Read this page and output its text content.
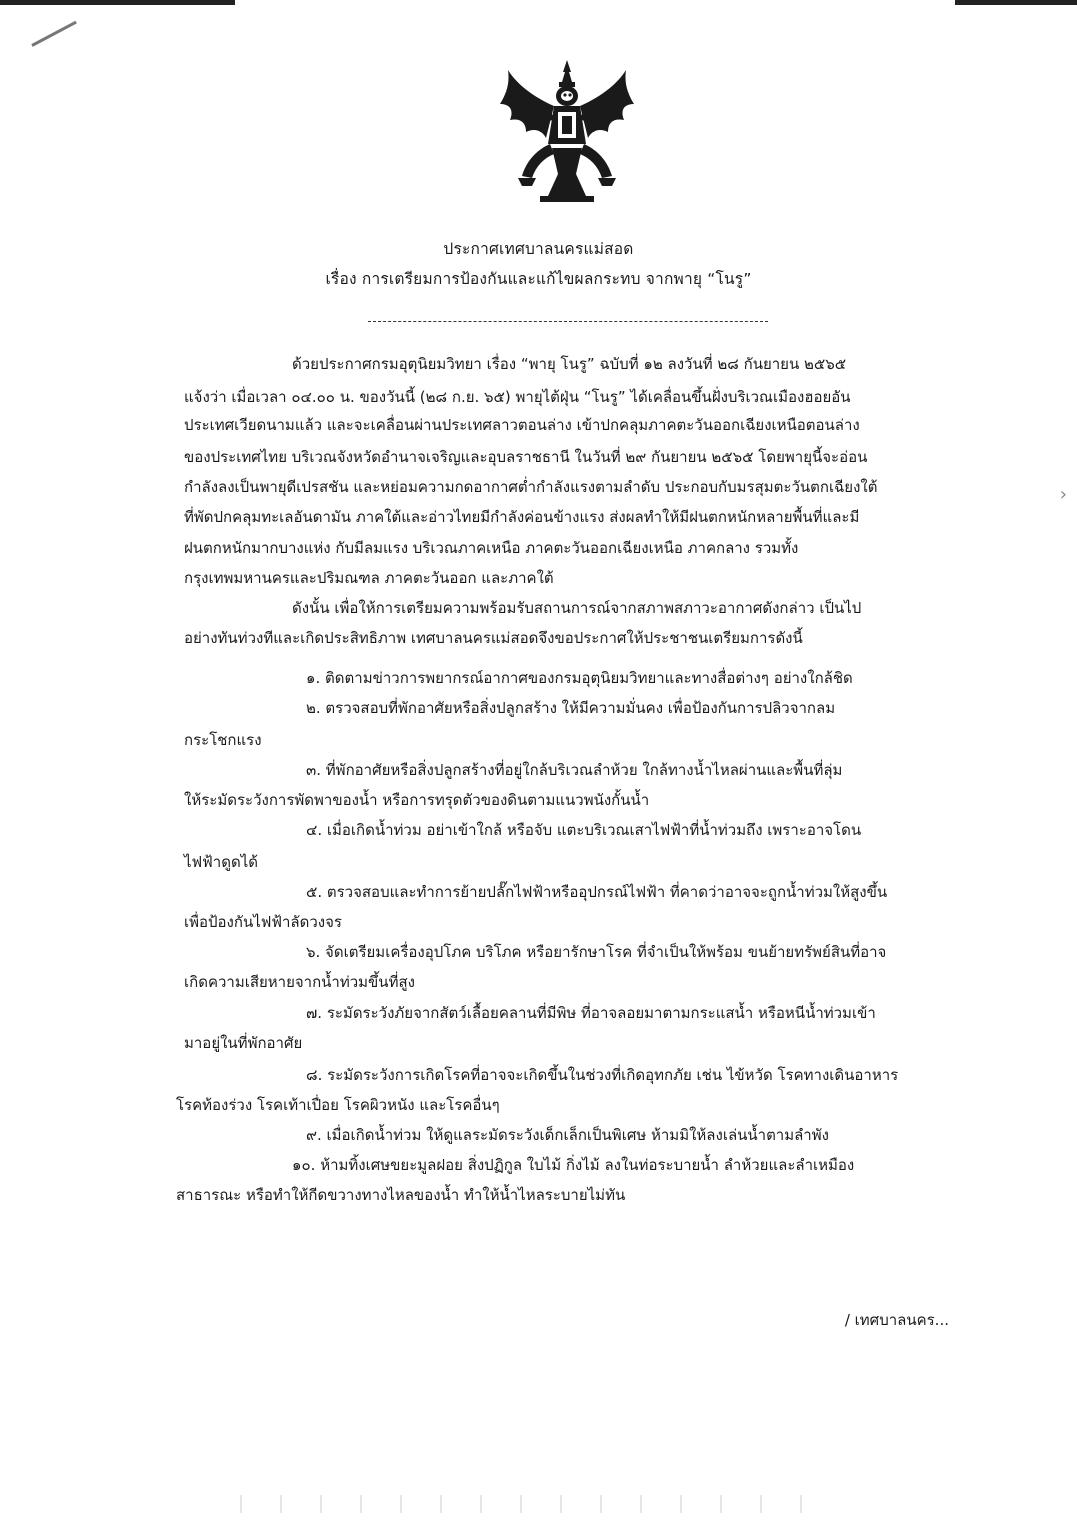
›
ประกาศเทศบาลนครแม่สอด
เรื่อง การเตรียมการป้องกันและแก้ไขผลกระทบ จากพายุ “โนรู”
ด้วยประกาศกรมอุตุนิยมวิทยา เรื่อง “พายุ โนรู” ฉบับที่ ๑๒ ลงวันที่ ๒๘ กันยายน ๒๕๖๕
แจ้งว่า เมื่อเวลา ๐๔.๐๐ น. ของวันนี้ (๒๘ ก.ย. ๖๕) พายุไต้ฝุ่น “โนรู” ได้เคลื่อนขึ้นฝั่งบริเวณเมืองฮอยอัน
ประเทศเวียดนามแล้ว และจะเคลื่อนผ่านประเทศลาวตอนล่าง เข้าปกคลุมภาคตะวันออกเฉียงเหนือตอนล่าง
ของประเทศไทย บริเวณจังหวัดอำนาจเจริญและอุบลราชธานี ในวันที่ ๒๙ กันยายน ๒๕๖๕ โดยพายุนี้จะอ่อน
กำลังลงเป็นพายุดีเปรสชัน และหย่อมความกดอากาศต่ำกำลังแรงตามลำดับ ประกอบกับมรสุมตะวันตกเฉียงใต้
ที่พัดปกคลุมทะเลอันดามัน ภาคใต้และอ่าวไทยมีกำลังค่อนข้างแรง ส่งผลทำให้มีฝนตกหนักหลายพื้นที่และมี
ฝนตกหนักมากบางแห่ง กับมีลมแรง บริเวณภาคเหนือ ภาคตะวันออกเฉียงเหนือ ภาคกลาง รวมทั้ง
กรุงเทพมหานครและปริมณฑล ภาคตะวันออก และภาคใต้
ดังนั้น เพื่อให้การเตรียมความพร้อมรับสถานการณ์จากสภาพสภาวะอากาศดังกล่าว เป็นไป
อย่างทันท่วงทีและเกิดประสิทธิภาพ เทศบาลนครแม่สอดจึงขอประกาศให้ประชาชนเตรียมการดังนี้
๑. ติดตามข่าวการพยากรณ์อากาศของกรมอุตุนิยมวิทยาและทางสื่อต่างๆ อย่างใกล้ชิด
๒. ตรวจสอบที่พักอาศัยหรือสิ่งปลูกสร้าง ให้มีความมั่นคง เพื่อป้องกันการปลิวจากลม
กระโชกแรง
๓. ที่พักอาศัยหรือสิ่งปลูกสร้างที่อยู่ใกล้บริเวณลำห้วย ใกล้ทางน้ำไหลผ่านและพื้นที่ลุ่ม
ให้ระมัดระวังการพัดพาของน้ำ หรือการทรุดตัวของดินตามแนวพนังกั้นน้ำ
๔. เมื่อเกิดน้ำท่วม อย่าเข้าใกล้ หรือจับ แตะบริเวณเสาไฟฟ้าที่น้ำท่วมถึง เพราะอาจโดน
ไฟฟ้าดูดได้
๕. ตรวจสอบและทำการย้ายปลั๊กไฟฟ้าหรืออุปกรณ์ไฟฟ้า ที่คาดว่าอาจจะถูกน้ำท่วมให้สูงขึ้น
เพื่อป้องกันไฟฟ้าลัดวงจร
๖. จัดเตรียมเครื่องอุปโภค บริโภค หรือยารักษาโรค ที่จำเป็นให้พร้อม ขนย้ายทรัพย์สินที่อาจ
เกิดความเสียหายจากน้ำท่วมขึ้นที่สูง
๗. ระมัดระวังภัยจากสัตว์เลื้อยคลานที่มีพิษ ที่อาจลอยมาตามกระแสน้ำ หรือหนีน้ำท่วมเข้า
มาอยู่ในที่พักอาศัย
๘. ระมัดระวังการเกิดโรคที่อาจจะเกิดขึ้นในช่วงที่เกิดอุทกภัย เช่น ไข้หวัด โรคทางเดินอาหาร
โรคท้องร่วง โรคเท้าเปื่อย โรคผิวหนัง และโรคอื่นๆ
๙. เมื่อเกิดน้ำท่วม ให้ดูแลระมัดระวังเด็กเล็กเป็นพิเศษ ห้ามมิให้ลงเล่นน้ำตามลำพัง
๑๐. ห้ามทิ้งเศษขยะมูลฝอย สิ่งปฏิกูล ใบไม้ กิ่งไม้ ลงในท่อระบายน้ำ ลำห้วยและลำเหมือง
สาธารณะ หรือทำให้กีดขวางทางไหลของน้ำ ทำให้น้ำไหลระบายไม่ทัน
/ เทศบาลนคร...
